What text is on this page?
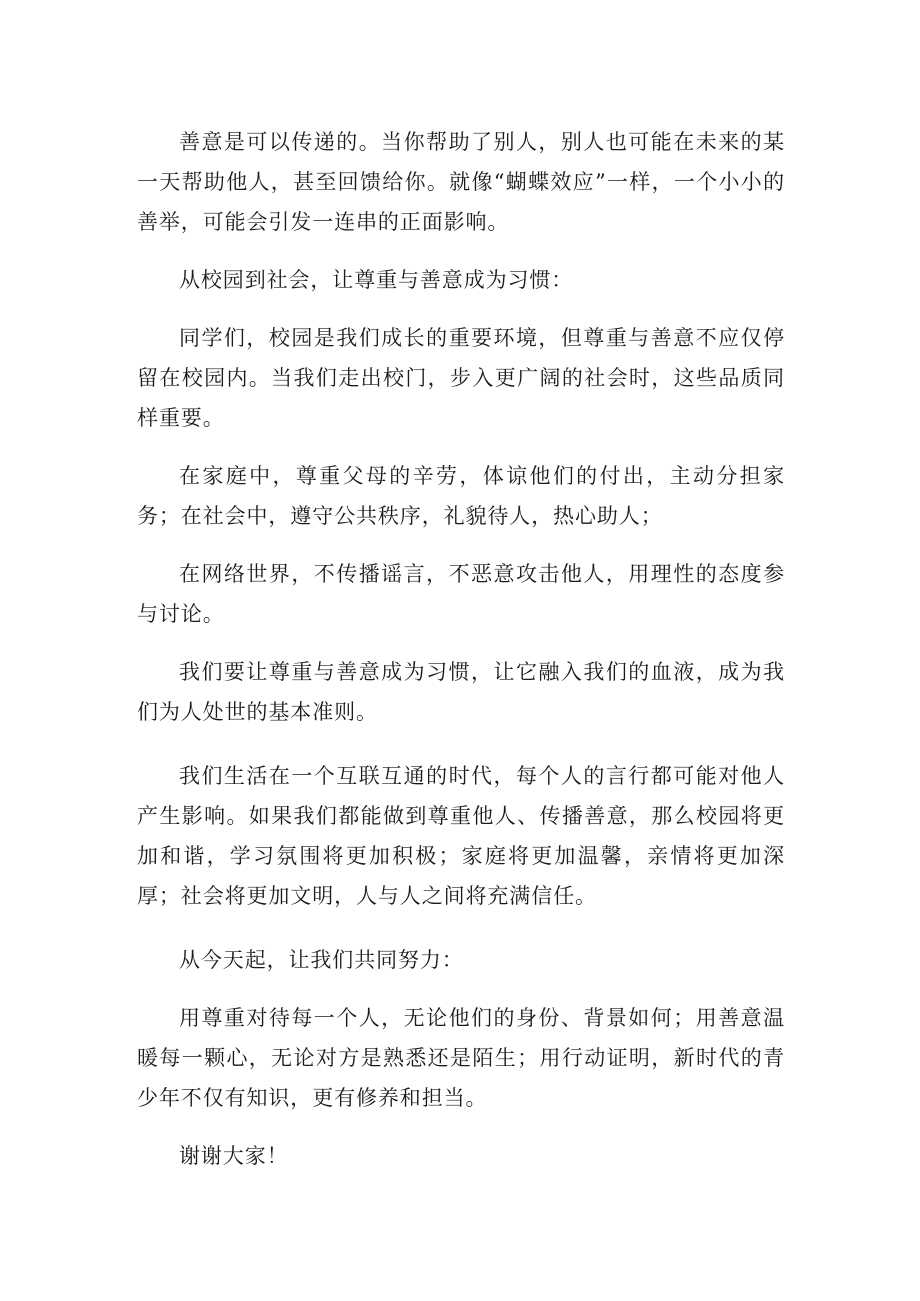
善意是可以传递的。当你帮助了别人，别人也可能在未来的某一天帮助他人，甚至回馈给你。就像“蝴蝶效应”一样，一个小小的善举，可能会引发一连串的正面影响。

从校园到社会，让尊重与善意成为习惯：

同学们，校园是我们成长的重要环境，但尊重与善意不应仅停留在校园内。当我们走出校门，步入更广阔的社会时，这些品质同样重要。

在家庭中，尊重父母的辛劳，体谅他们的付出，主动分担家务；在社会中，遵守公共秩序，礼貌待人，热心助人；

在网络世界，不传播谣言，不恶意攻击他人，用理性的态度参与讨论。

我们要让尊重与善意成为习惯，让它融入我们的血液，成为我们为人处世的基本准则。

我们生活在一个互联互通的时代，每个人的言行都可能对他人产生影响。如果我们都能做到尊重他人、传播善意，那么校园将更加和谐，学习氛围将更加积极；家庭将更加温馨，亲情将更加深厚；社会将更加文明，人与人之间将充满信任。

从今天起，让我们共同努力：

用尊重对待每一个人，无论他们的身份、背景如何；用善意温暖每一颗心，无论对方是熟悉还是陌生；用行动证明，新时代的青少年不仅有知识，更有修养和担当。

谢谢大家！
